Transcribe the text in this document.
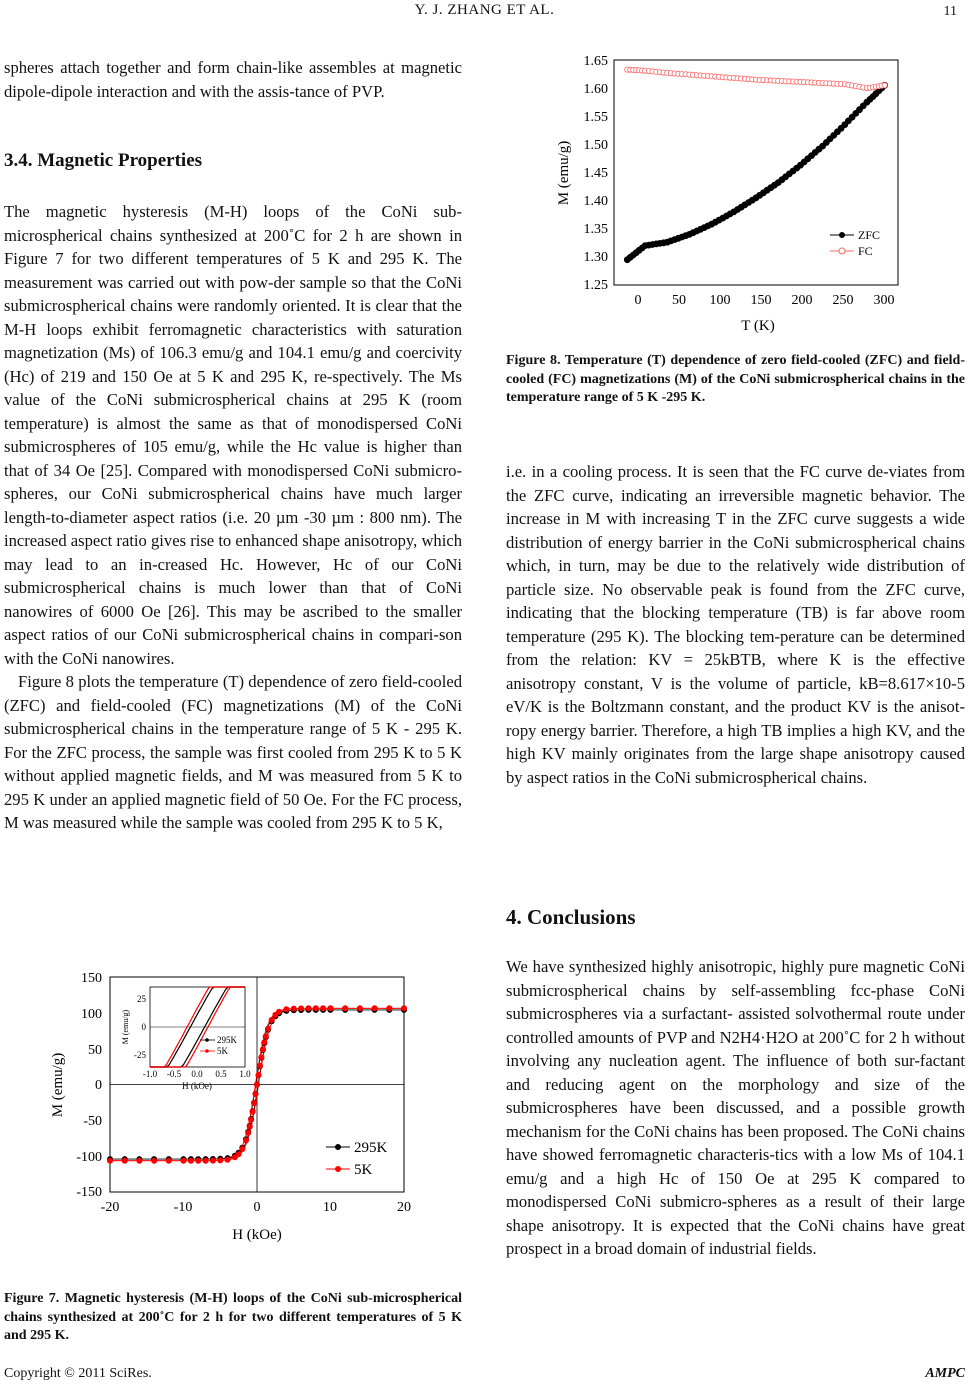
Y. J. ZHANG ET AL.	11

spheres attach together and form chain-like assembles at magnetic dipole-dipole interaction and with the assis-tance of PVP.

3.4. Magnetic Properties

The magnetic hysteresis (M-H) loops of the CoNi sub-microspherical chains synthesized at 200˚C for 2 h are shown in Figure 7 for two different temperatures of 5 K and 295 K. The measurement was carried out with pow-der sample so that the CoNi submicrospherical chains were randomly oriented. It is clear that the M-H loops exhibit ferromagnetic characteristics with saturation magnetization (Ms) of 106.3 emu/g and 104.1 emu/g and coercivity (Hc) of 219 and 150 Oe at 5 K and 295 K, re-spectively. The Ms value of the CoNi submicrospherical chains at 295 K (room temperature) is almost the same as that of monodispersed CoNi submicrospheres of 105 emu/g, while the Hc value is higher than that of 34 Oe [25]. Compared with monodispersed CoNi submicro-spheres, our CoNi submicrospherical chains have much larger length-to-diameter aspect ratios (i.e. 20 µm -30 µm : 800 nm). The increased aspect ratio gives rise to enhanced shape anisotropy, which may lead to an in-creased Hc. However, Hc of our CoNi submicrospherical chains is much lower than that of CoNi nanowires of 6000 Oe [26]. This may be ascribed to the smaller aspect ratios of our CoNi submicrospherical chains in compari-son with the CoNi nanowires.

Figure 8 plots the temperature (T) dependence of zero field-cooled (ZFC) and field-cooled (FC) magnetizations (M) of the CoNi submicrospherical chains in the temperature range of 5 K - 295 K. For the ZFC process, the sample was first cooled from 295 K to 5 K without applied magnetic fields, and M was measured from 5 K to 295 K under an applied magnetic field of 50 Oe. For the FC process, M was measured while the sample was cooled from 295 K to 5 K,

1.65
1.60
1.55
1.50
1.45
1.40
1.35
1.30
1.25
0 50 100 150 200 250 300
T (K)
M (emu/g)
ZFC
FC
Figure 8. Temperature (T) dependence of zero field-cooled (ZFC) and field-cooled (FC) magnetizations (M) of the CoNi submicrospherical chains in the temperature range of 5 K -295 K.

i.e. in a cooling process. It is seen that the FC curve de-viates from the ZFC curve, indicating an irreversible magnetic behavior. The increase in M with increasing T in the ZFC curve suggests a wide distribution of energy barrier in the CoNi submicrospherical chains which, in turn, may be due to the relatively wide distribution of particle size. No observable peak is found from the ZFC curve, indicating that the blocking temperature (TB) is far above room temperature (295 K). The blocking tem-perature can be determined from the relation: KV = 25kBTB, where K is the effective anisotropy constant, V is the volume of particle, kB=8.617×10-5 eV/K is the Boltzmann constant, and the product KV is the anisot-ropy energy barrier. Therefore, a high TB implies a high KV, and the high KV mainly originates from the large shape anisotropy caused by aspect ratios in the CoNi submicrospherical chains.

4. Conclusions

We have synthesized highly anisotropic, highly pure magnetic CoNi submicrospherical chains by self-assembling fcc-phase CoNi submicrospheres via a surfactant- assisted solvothermal route under controlled amounts of PVP and N2H4·H2O at 200˚C for 2 h without involving any nucleation agent. The influence of both sur-factant and reducing agent on the morphology and size of the submicrospheres have been discussed, and a possible growth mechanism for the CoNi chains has been proposed. The CoNi chains have showed ferromagnetic characteris-tics with a low Ms of 104.1 emu/g and a high Hc of 150 Oe at 295 K compared to monodispersed CoNi submicro-spheres as a result of their large shape anisotropy. It is expected that the CoNi chains have great prospect in a broad domain of industrial fields.

150
100
50
0
-50
-100
-150
-20	-10	0	10	20
H (kOe)
M (emu/g)
25
0
-25
-1.0 -0.5 0.0 0.5 1.0
H (kOe)
M (emu/g)	295K
5K
295K
5K
Figure 7. Magnetic hysteresis (M-H) loops of the CoNi sub-microspherical chains synthesized at 200˚C for 2 h for two different temperatures of 5 K and 295 K.
Copyright © 2011 SciRes.	AMPC
